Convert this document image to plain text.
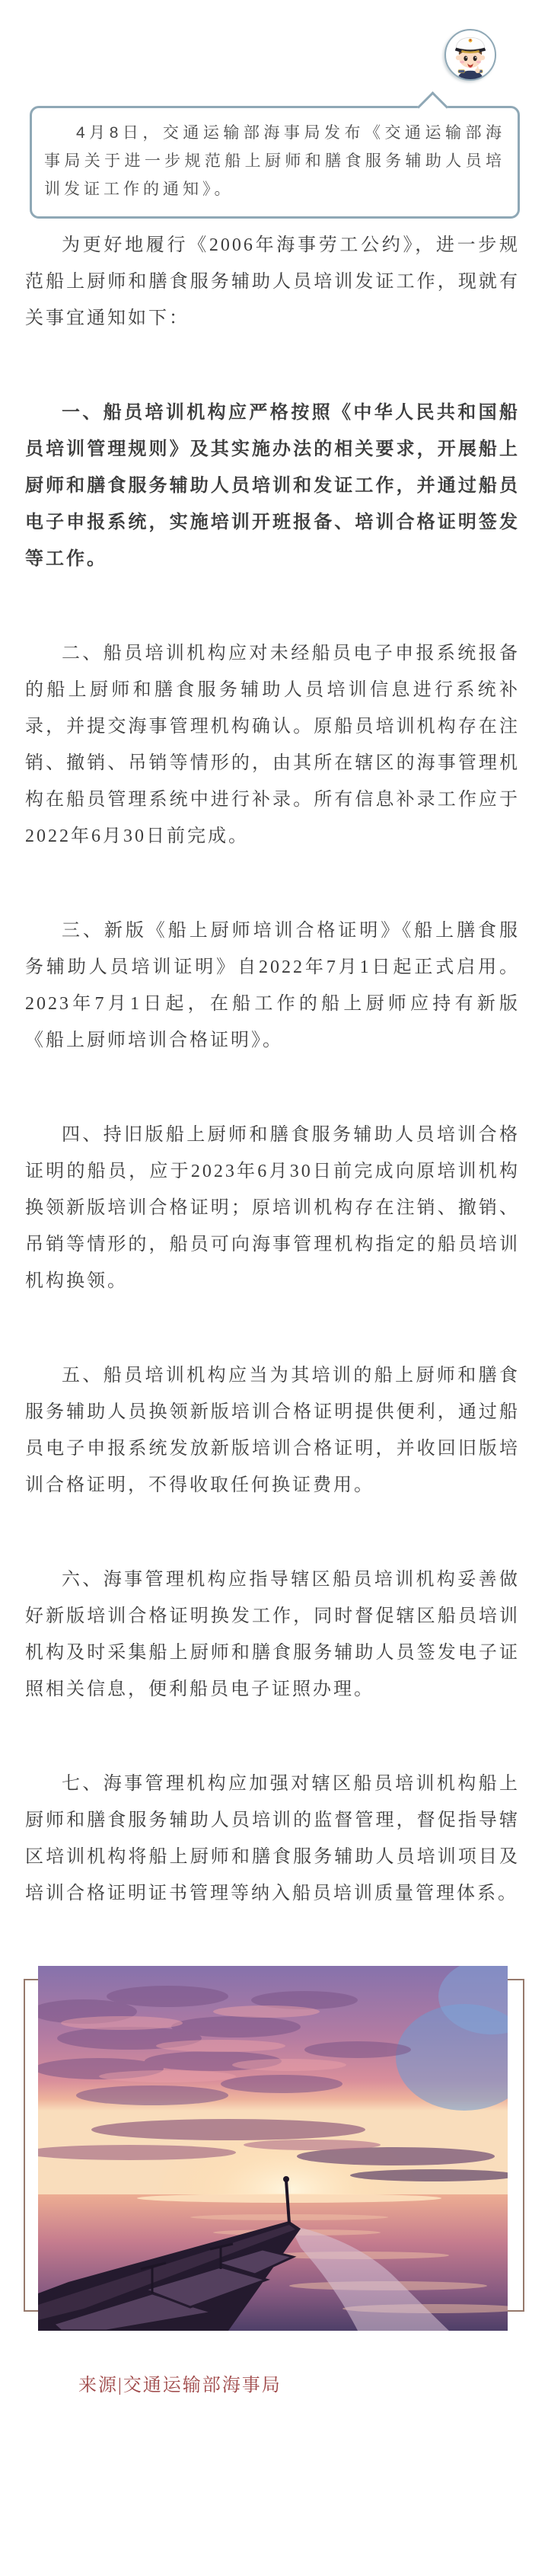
4月8日，交通运输部海事局发布《交通运输部海事局关于进一步规范船上厨师和膳食服务辅助人员培训发证工作的通知》。

为更好地履行《2006年海事劳工公约》，进一步规范船上厨师和膳食服务辅助人员培训发证工作，现就有关事宜通知如下：

一、船员培训机构应严格按照《中华人民共和国船员培训管理规则》及其实施办法的相关要求，开展船上厨师和膳食服务辅助人员培训和发证工作，并通过船员电子申报系统，实施培训开班报备、培训合格证明签发等工作。

二、船员培训机构应对未经船员电子申报系统报备的船上厨师和膳食服务辅助人员培训信息进行系统补录，并提交海事管理机构确认。原船员培训机构存在注销、撤销、吊销等情形的，由其所在辖区的海事管理机构在船员管理系统中进行补录。所有信息补录工作应于2022年6月30日前完成。

三、新版《船上厨师培训合格证明》《船上膳食服务辅助人员培训证明》自2022年7月1日起正式启用。2023年7月1日起，在船工作的船上厨师应持有新版《船上厨师培训合格证明》。

四、持旧版船上厨师和膳食服务辅助人员培训合格证明的船员，应于2023年6月30日前完成向原培训机构换领新版培训合格证明；原培训机构存在注销、撤销、吊销等情形的，船员可向海事管理机构指定的船员培训机构换领。

五、船员培训机构应当为其培训的船上厨师和膳食服务辅助人员换领新版培训合格证明提供便利，通过船员电子申报系统发放新版培训合格证明，并收回旧版培训合格证明，不得收取任何换证费用。

六、海事管理机构应指导辖区船员培训机构妥善做好新版培训合格证明换发工作，同时督促辖区船员培训机构及时采集船上厨师和膳食服务辅助人员签发电子证照相关信息，便利船员电子证照办理。

七、海事管理机构应加强对辖区船员培训机构船上厨师和膳食服务辅助人员培训的监督管理，督促指导辖区培训机构将船上厨师和膳食服务辅助人员培训项目及培训合格证明证书管理等纳入船员培训质量管理体系。

来源|交通运输部海事局
